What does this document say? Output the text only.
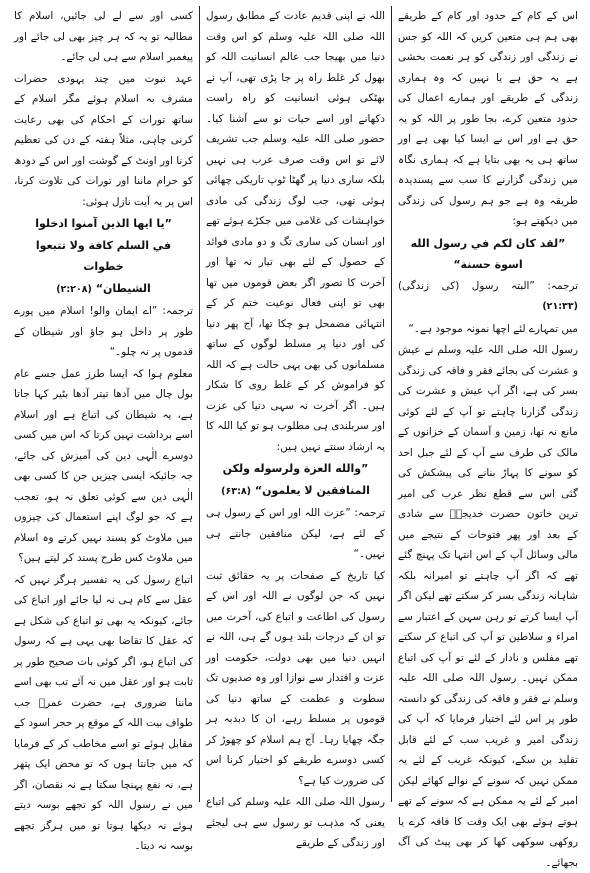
اس کے کام کے حدود اور کام کے طریقے بھی ہم ہی متعین کریں کہ اللہ کو جس نے زندگی اور زندگی کو ہر نعمت بخشی ہے یہ حق ہے یا نہیں کہ وہ ہماری زندگی کے طریقے اور ہمارے اعمال کی حدود متعین کرے، بجا طور پر اللہ کو یہ حق ہے اور اس نے ایسا کیا بھی ہے اور ساتھ ہی یہ بھی بتایا ہے کہ ہماری نگاہ میں زندگی گزارنے کا سب سے پسندیدہ طریقہ وہ ہے جو ہم رسول کی زندگی میں دیکھتے ہو:

”لقد كان لكم في رسول الله اسوة حسنة“

ترجمہ: ”البتہ رسول (کی زندگی) (۲۱:۳۳)

میں تمہارے لئے اچھا نمونہ موجود ہے۔“

رسول اللہ صلی اللہ علیہ وسلم نے عیش و عشرت کی بجائے فقر و فاقہ کی زندگی بسر کی ہے، اگر آپ عیش و عشرت کی زندگی گزارنا چاہتے تو آپ کے لئے کوئی مانع نہ تھا، زمین و آسمان کے خزانوں کے مالک کی طرف سے آپ کے لئے جبل احد کو سونے کا پہاڑ بنانے کی پیشکش کی گئی اس سے قطع نظر عرب کی امیر ترین خاتون حضرت خدیجہؓ سے شادی کے بعد اور پھر فتوحات کے نتیجے میں مالی وسائل آپ کے اس انتہا تک پہنچ گئے تھے کہ اگر آپ چاہتے تو امیرانہ بلکہ شاہانہ زندگی بسر کر سکتے تھے لیکن اگر آپ ایسا کرتے تو رہن سہن کے اعتبار سے امراء و سلاطین تو آپ کی اتباع کر سکتے تھے مفلس و نادار کے لئے تو آپ کی اتباع ممکن نہیں۔ رسول اللہ صلی اللہ علیہ وسلم نے فقر و فاقہ کی زندگی کو دانستہ طور پر اس لئے اختیار فرمایا کہ آپ کی زندگی امیر و غریب سب کے لئے قابل تقلید بن سکے، کیونکہ غریب کے لئے یہ ممکن نہیں کہ سونے کے نوالے کھائے لیکن امیر کے لئے یہ ممکن ہے کہ سونے کے تھے ہوتے ہوئے بھی ایک وقت کا فاقہ کرے یا روکھی سوکھی کھا کر بھی پیٹ کی آگ بجھائے۔

اللہ نے اپنی قدیم عادت کے مطابق رسول اللہ صلی اللہ علیہ وسلم کو اس وقت دنیا میں بھیجا جب عالم انسانیت اللہ کو بھول کر غلط راہ پر جا پڑی تھی، آپ نے بھٹکی ہوئی انسانیت کو راہ راست دکھانے اور اسے حیات نو سے آشنا کیا۔ حضور صلی اللہ علیہ وسلم جب تشریف لائے تو اس وقت صرف عرب ہی نہیں بلکہ ساری دنیا پر گھٹا ٹوپ تاریکی چھائی ہوئی تھی، جب لوگ زندگی کی مادی خواہشات کی غلامی میں جکڑے ہوئے تھے اور انسان کی ساری تگ و دو مادی فوائد کے حصول کے لئے بھی تیار نہ تھا اور آخرت کا تصور اگر بعض قوموں میں تھا بھی تو اپنی فعال نوعیت ختم کر کے انتہائی مضمحل ہو چکا تھا، آج پھر دنیا کی اور دنیا پر مسلط لوگوں کے ساتھ مسلمانوں کی بھی یہی حالت ہے کہ اللہ کو فراموش کر کے غلط روی کا شکار ہیں۔ اگر آخرت نہ سہی دنیا کی عزت اور سربلندی ہی مطلوب ہو تو کیا اللہ کا یہ ارشاد سنتے نہیں ہیں:

”والله العزة ولرسوله ولكن
المنافقين لا يعلمون“ (۶۳:۸)

ترجمہ: ”عزت اللہ اور اس کے رسول ہی کے لئے ہے، لیکن منافقین جانتے ہی نہیں۔“

کیا تاریخ کے صفحات پر یہ حقائق ثبت نہیں کہ جن لوگوں نے اللہ اور اس کے رسول کی اطاعت و اتباع کی، آخرت میں تو ان کے درجات بلند ہوں گے ہی، اللہ نے انہیں دنیا میں بھی دولت، حکومت اور عزت و اقتدار سے نوازا اور وہ صدیوں تک سطوت و عظمت کے ساتھ دنیا کی قوموں پر مسلط رہے، ان کا دبدبہ ہر جگہ چھایا رہا۔ آج ہم اسلام کو چھوڑ کر کسی دوسرے طریقے کو اختیار کرنا اس کی ضرورت کیا ہے؟

رسول اللہ صلی اللہ علیہ وسلم کی اتباع یعنی کہ مذہب تو رسول سے ہی لیجئے اور زندگی کے طریقے

کسی اور سے لے لی جائیں، اسلام کا مطالبہ تو یہ کہ ہر چیز بھی لی جائے اور پیغمبر اسلام سے ہی لی جائے۔

عہد نبوت میں چند یہودی حضرات مشرف بہ اسلام ہوئے مگر اسلام کے ساتھ تورات کے احکام کی بھی رعایت کرنی چاہی، مثلاً ہفتہ کے دن کی تعظیم کرنا اور اونٹ کے گوشت اور اس کے دودھ کو حرام ماننا اور تورات کی تلاوت کرنا، اس پر یہ آیت نازل ہوئی:

”يا ايها الذين آمنوا ادخلوا
في السلم كافة ولا تتبعوا خطوات
الشيطان“ (۲:۲۰۸)

ترجمہ: ”اے ایمان والو! اسلام میں پورے طور پر داخل ہو جاؤ اور شیطان کے قدموں پر نہ چلو۔“

معلوم ہوا کہ ایسا طرز عمل جسے عام بول چال میں آدھا تیتر آدھا بٹیر کہا جاتا ہے، یہ شیطان کی اتباع ہے اور اسلام اسے برداشت نہیں کرتا کہ اس میں کسی دوسرے الٰہی دین کی آمیزش کی جائے، جہ جائیکہ ایسی چیزیں جن کا کسی بھی الٰہی دین سے کوئی تعلق نہ ہو، تعجب ہے کہ جو لوگ اپنے استعمال کی چیزوں میں ملاوٹ کو پسند نہیں کرتے وہ اسلام میں ملاوٹ کس طرح پسند کر لیتے ہیں؟

اتباع رسول کی یہ تفسیر ہرگز نہیں کہ عقل سے کام ہی نہ لیا جائے اور اتباع کی جائے، کیونکہ یہ بھی تو اتباع کی شکل ہے کہ عقل کا تقاضا بھی یہی ہے کہ رسول کی اتباع ہو، اگر کوئی بات صحیح طور پر ثابت ہو اور عقل میں نہ آئے تب بھی اسے ماننا ضروری ہے، حضرت عمرؓ جب طواف بیت اللہ کے موقع پر حجر اسود کے مقابل ہوئے تو اسے مخاطب کر کے فرمایا کہ میں جانتا ہوں کہ تو محض ایک پتھر ہے، نہ نفع پہنچا سکتا ہے نہ نقصان، اگر میں نے رسول اللہ کو تجھے بوسہ دیتے ہوئے نہ دیکھا ہوتا تو میں ہرگز تجھے بوسہ نہ دیتا۔
